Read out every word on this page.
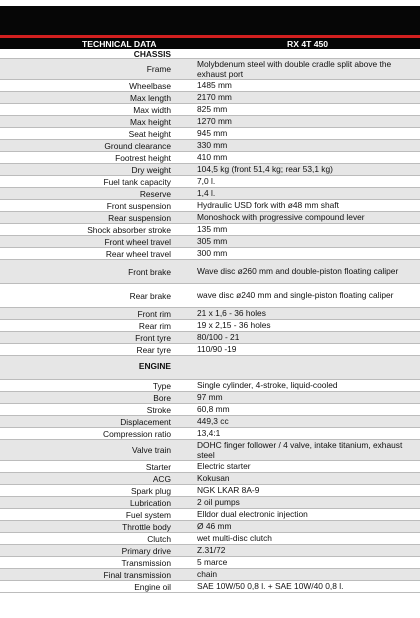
TECHNICAL DATA	RX 4T 450
CHASSIS
Frame	Molybdenum steel with double cradle split above the exhaust port
Wheelbase	1485 mm
Max length	2170 mm
Max width	825 mm
Max height	1270 mm
Seat height	945 mm
Ground clearance	330 mm
Footrest height	410 mm
Dry weight	104,5 kg (front 51,4 kg; rear 53,1 kg)
Fuel tank capacity	7,0 l.
Reserve	1,4 l.
Front suspension	Hydraulic USD fork with ø48 mm shaft
Rear suspension	Monoshock with progressive compound lever
Shock absorber stroke	135 mm
Front wheel travel	305 mm
Rear wheel travel	300 mm
Front brake	Wave disc ø260 mm and double-piston floating caliper
Rear brake	wave disc ø240 mm and single-piston floating caliper
Front rim	21 x 1,6 - 36 holes
Rear rim	19 x 2,15 - 36 holes
Front tyre	80/100 - 21
Rear tyre	110/90 -19
ENGINE
Type	Single cylinder, 4-stroke, liquid-cooled
Bore	97 mm
Stroke	60,8 mm
Displacement	449,3 cc
Compression ratio	13,4:1
Valve train	DOHC finger follower / 4 valve, intake titanium, exhaust steel
Starter	Electric starter
ACG	Kokusan
Spark plug	NGK LKAR 8A-9
Lubrication	2 oil pumps
Fuel system	Elldor dual electronic injection
Throttle body	Ø 46 mm
Clutch	wet multi-disc clutch
Primary drive	Z.31/72
Transmission	5 marce
Final transmission	chain
Engine oil	SAE 10W/50 0,8 l. + SAE 10W/40 0,8 l.
